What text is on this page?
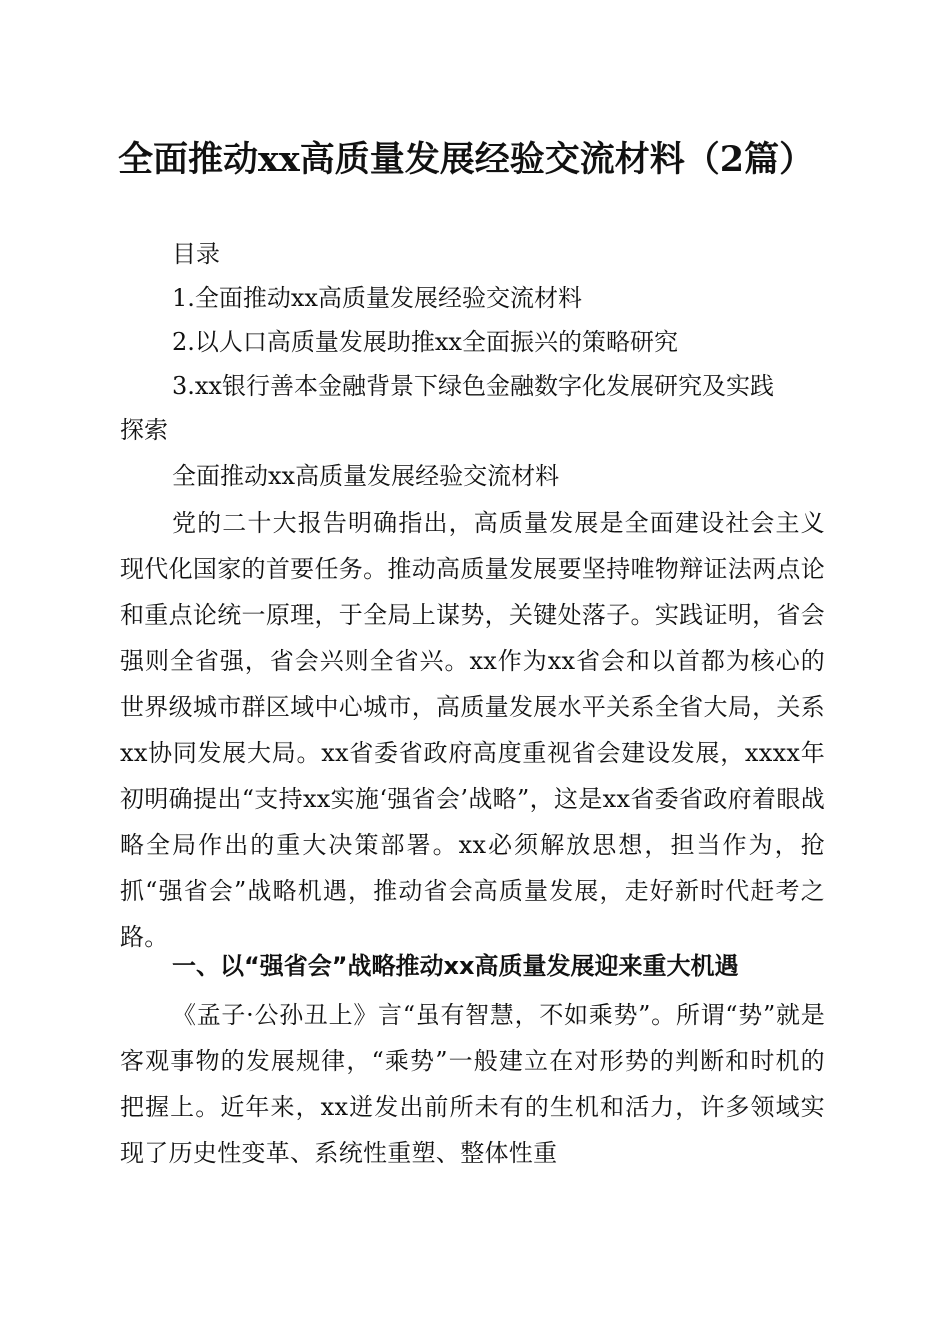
全面推动xx高质量发展经验交流材料（2篇）
目录
1.全面推动xx高质量发展经验交流材料
2.以人口高质量发展助推xx全面振兴的策略研究
3.xx银行善本金融背景下绿色金融数字化发展研究及实践
探索
全面推动xx高质量发展经验交流材料
党的二十大报告明确指出，高质量发展是全面建设社会主义现代化国家的首要任务。推动高质量发展要坚持唯物辩证法两点论和重点论统一原理，于全局上谋势，关键处落子。实践证明，省会强则全省强，省会兴则全省兴。xx作为xx省会和以首都为核心的世界级城市群区域中心城市，高质量发展水平关系全省大局，关系xx协同发展大局。xx省委省政府高度重视省会建设发展，xxxx年初明确提出“支持xx实施‘强省会’战略”，这是xx省委省政府着眼战略全局作出的重大决策部署。xx必须解放思想，担当作为，抢抓“强省会”战略机遇，推动省会高质量发展，走好新时代赶考之路。
一、以“强省会”战略推动xx高质量发展迎来重大机遇
《孟子·公孙丑上》言“虽有智慧，不如乘势”。所谓“势”就是客观事物的发展规律，“乘势”一般建立在对形势的判断和时机的把握上。近年来，xx迸发出前所未有的生机和活力，许多领域实现了历史性变革、系统性重塑、整体性重
